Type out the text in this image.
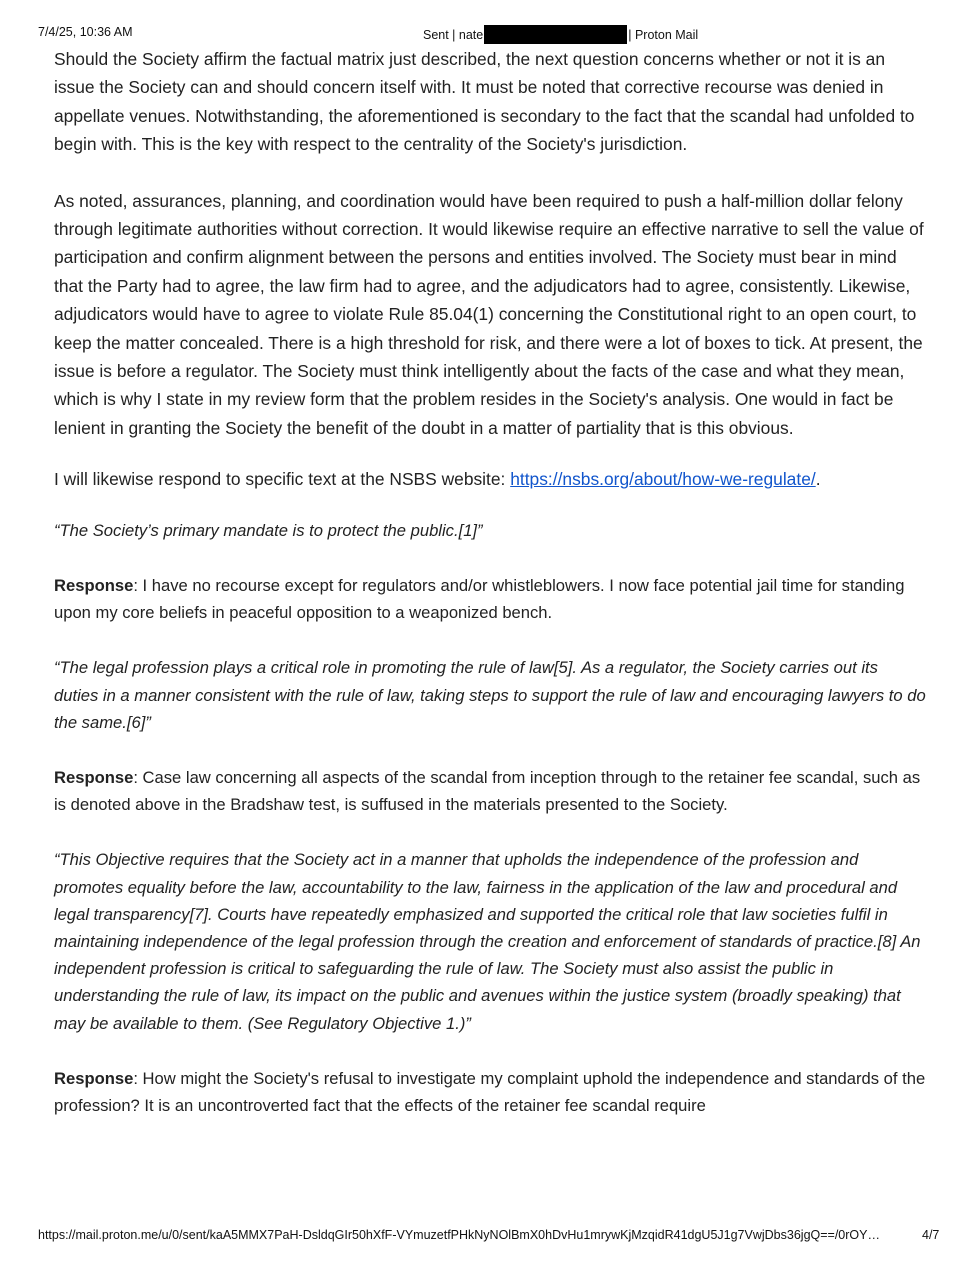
7/4/25, 10:36 AM	Sent | nate	| Proton Mail

Should the Society affirm the factual matrix just described, the next question concerns whether or not it is an issue the Society can and should concern itself with. It must be noted that corrective recourse was denied in appellate venues. Notwithstanding, the aforementioned is secondary to the fact that the scandal had unfolded to begin with. This is the key with respect to the centrality of the Society's jurisdiction.

As noted, assurances, planning, and coordination would have been required to push a half-million dollar felony through legitimate authorities without correction. It would likewise require an effective narrative to sell the value of participation and confirm alignment between the persons and entities involved. The Society must bear in mind that the Party had to agree, the law firm had to agree, and the adjudicators had to agree, consistently. Likewise, adjudicators would have to agree to violate Rule 85.04(1) concerning the Constitutional right to an open court, to keep the matter concealed. There is a high threshold for risk, and there were a lot of boxes to tick. At present, the issue is before a regulator. The Society must think intelligently about the facts of the case and what they mean, which is why I state in my review form that the problem resides in the Society's analysis. One would in fact be lenient in granting the Society the benefit of the doubt in a matter of partiality that is this obvious.

I will likewise respond to specific text at the NSBS website: https://nsbs.org/about/how-we-regulate/.

“The Society’s primary mandate is to protect the public.[1]”

Response: I have no recourse except for regulators and/or whistleblowers. I now face potential jail time for standing upon my core beliefs in peaceful opposition to a weaponized bench.

“The legal profession plays a critical role in promoting the rule of law[5]. As a regulator, the Society carries out its duties in a manner consistent with the rule of law, taking steps to support the rule of law and encouraging lawyers to do the same.[6]”

Response: Case law concerning all aspects of the scandal from inception through to the retainer fee scandal, such as is denoted above in the Bradshaw test, is suffused in the materials presented to the Society.

“This Objective requires that the Society act in a manner that upholds the independence of the profession and promotes equality before the law, accountability to the law, fairness in the application of the law and procedural and legal transparency[7]. Courts have repeatedly emphasized and supported the critical role that law societies fulfil in maintaining independence of the legal profession through the creation and enforcement of standards of practice.[8] An independent profession is critical to safeguarding the rule of law. The Society must also assist the public in understanding the rule of law, its impact on the public and avenues within the justice system (broadly speaking) that may be available to them. (See Regulatory Objective 1.)”

Response: How might the Society's refusal to investigate my complaint uphold the independence and standards of the profession? It is an uncontroverted fact that the effects of the retainer fee scandal require

https://mail.proton.me/u/0/sent/kaA5MMX7PaH-DsldqGIr50hXfF-VYmuzetfPHkNyNOlBmX0hDvHu1mrywKjMzqidR41dgU5J1g7VwjDbs36jgQ==/0rOY…	4/7
